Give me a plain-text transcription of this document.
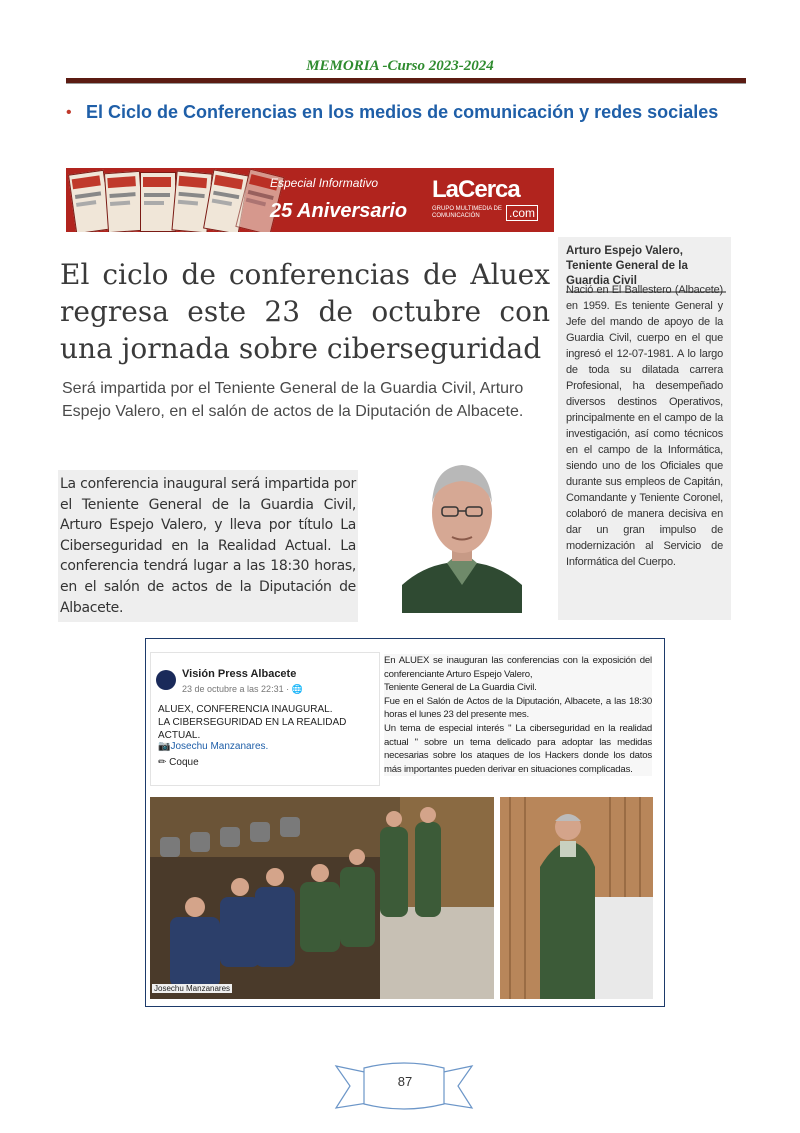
MEMORIA -Curso 2023-2024
• El Ciclo de Conferencias en los medios de comunicación y redes sociales
Especial Informativo
25 Aniversario
LaCerca
GRUPO MULTIMEDIA DE COMUNICACIÓN	.com
El ciclo de conferencias de Aluex regresa este 23 de octubre con una jornada sobre ciberseguridad
Será impartida por el Teniente General de la Guardia Civil, Arturo Espejo Valero, en el salón de actos de la Diputación de Albacete.
La conferencia inaugural será impartida por el Teniente General de la Guardia Civil, Arturo Espejo Valero, y lleva por título La Ciberseguridad en la Realidad Actual. La conferencia tendrá lugar a las 18:30 horas, en el salón de actos de la Diputación de Albacete.
Arturo Espejo Valero, Teniente General de la Guardia Civil
Nació en El Ballestero (Albacete) en 1959. Es teniente General y Jefe del mando de apoyo de la Guardia Civil, cuerpo en el que ingresó el 12-07-1981. A lo largo de toda su dilatada carrera Profesional, ha desempeñado diversos destinos Operativos, principalmente en el campo de la investigación, así como técnicos en el campo de la Informática, siendo uno de los Oficiales que durante sus empleos de Capitán, Comandante y Teniente Coronel, colaboró de manera decisiva en dar un gran impulso de modernización al Servicio de Informática del Cuerpo.
Visión Press Albacete
23 de octubre a las 22:31 · 🌐
ALUEX, CONFERENCIA INAUGURAL.
LA CIBERSEGURIDAD EN LA REALIDAD ACTUAL.
📷Josechu Manzanares.
✏ Coque
En ALUEX se inauguran las conferencias con la exposición del conferenciante Arturo Espejo Valero,
Teniente General de La Guardia Civil.
Fue en el Salón de Actos de la Diputación, Albacete, a las 18:30 horas el lunes 23 del presente mes.
Un tema de especial interés " La ciberseguridad en la realidad actual " sobre un tema delicado para adoptar las medidas necesarias sobre los ataques de los Hackers donde los datos más importantes pueden derivar en situaciones complicadas.
Josechu Manzanares
87
